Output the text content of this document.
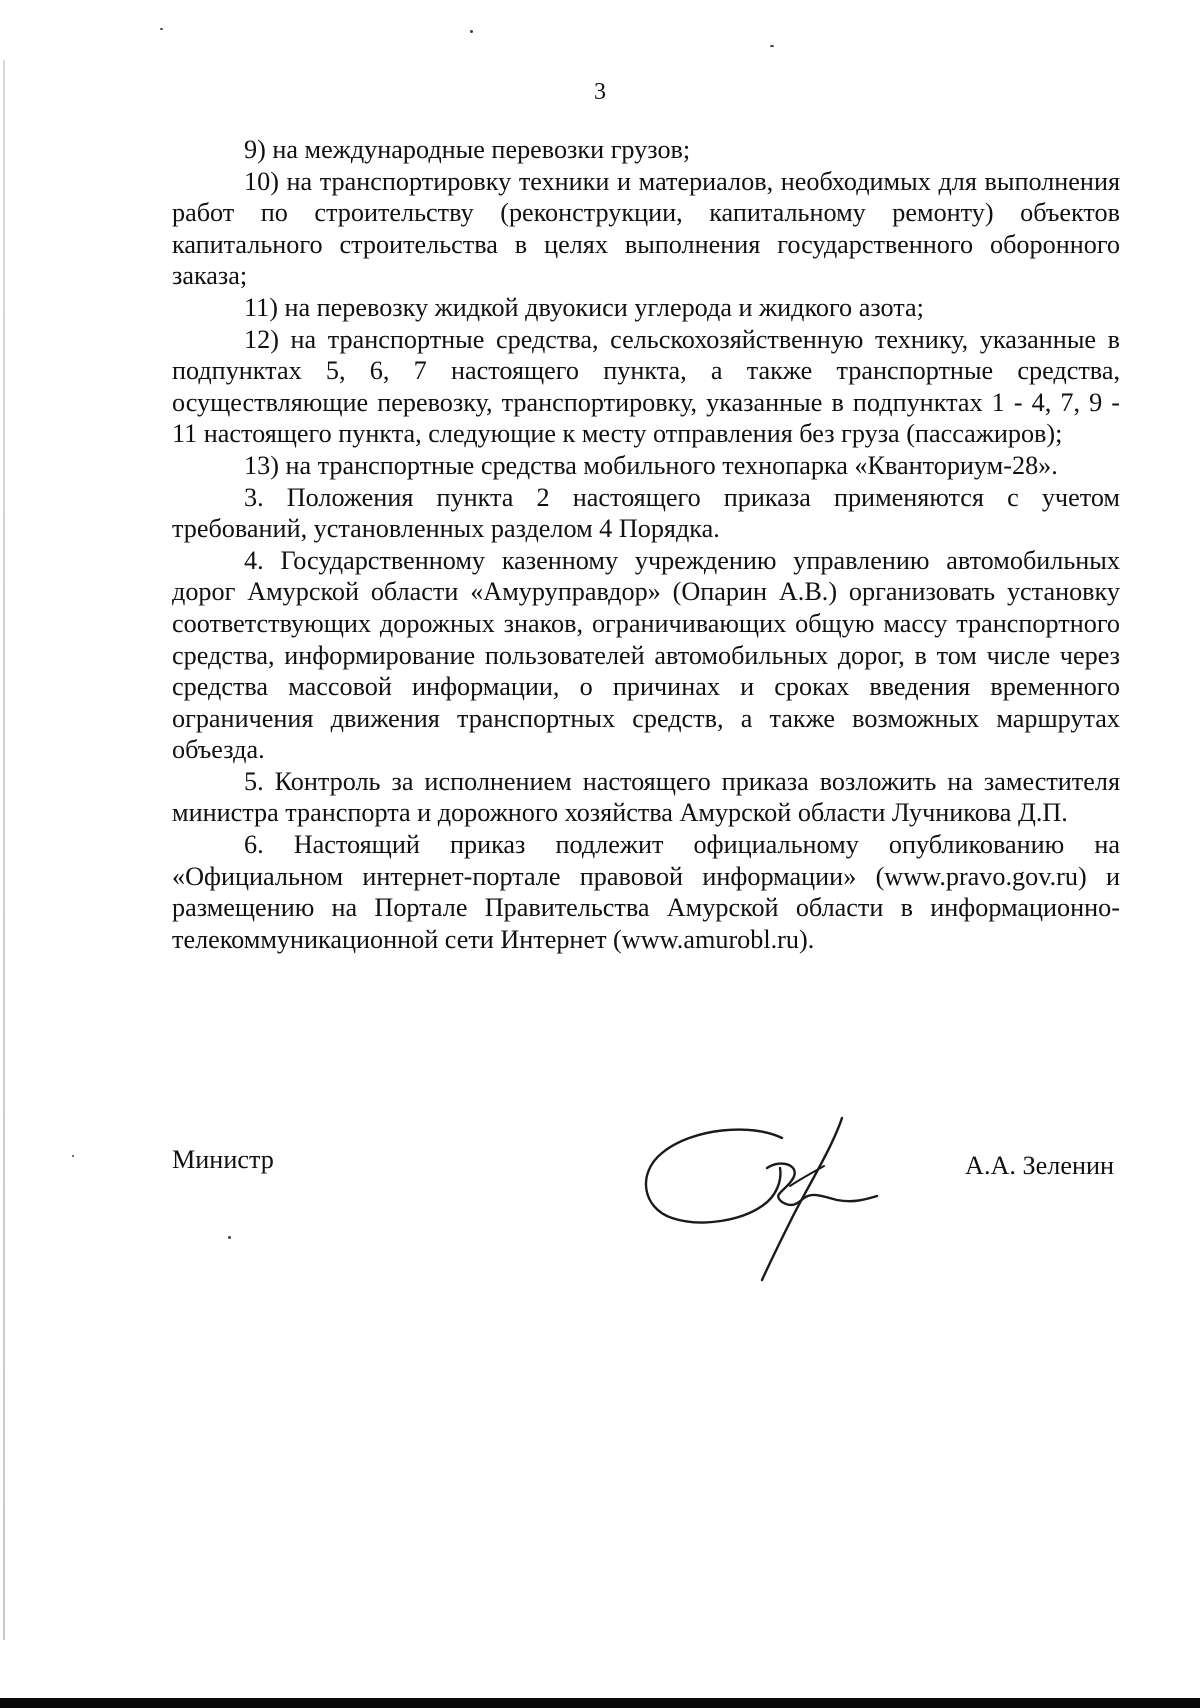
3

9) на международные перевозки грузов;

10) на транспортировку техники и материалов, необходимых для выполнения работ по строительству (реконструкции, капитальному ремонту) объектов капитального строительства в целях выполнения государственного оборонного заказа;

11) на перевозку жидкой двуокиси углерода и жидкого азота;

12) на транспортные средства, сельскохозяйственную технику, указанные в подпунктах 5, 6, 7 настоящего пункта, а также транспортные средства, осуществляющие перевозку, транспортировку, указанные в подпунктах 1 - 4, 7, 9 - 11 настоящего пункта, следующие к месту отправления без груза (пассажиров);

13) на транспортные средства мобильного технопарка «Кванториум-28».

3. Положения пункта 2 настоящего приказа применяются с учетом требований, установленных разделом 4 Порядка.

4. Государственному казенному учреждению управлению автомобильных дорог Амурской области «Амуруправдор» (Опарин А.В.) организовать установку соответствующих дорожных знаков, ограничивающих общую массу транспортного средства, информирование пользователей автомобильных дорог, в том числе через средства массовой информации, о причинах и сроках введения временного ограничения движения транспортных средств, а также возможных маршрутах объезда.

5. Контроль за исполнением настоящего приказа возложить на заместителя министра транспорта и дорожного хозяйства Амурской области Лучникова Д.П.

6. Настоящий приказ подлежит официальному опубликованию на «Официальном интернет-портале правовой информации» (www.pravo.gov.ru) и размещению на Портале Правительства Амурской области в информационно-телекоммуникационной сети Интернет (www.amurobl.ru).

Министр	А.А. Зеленин
